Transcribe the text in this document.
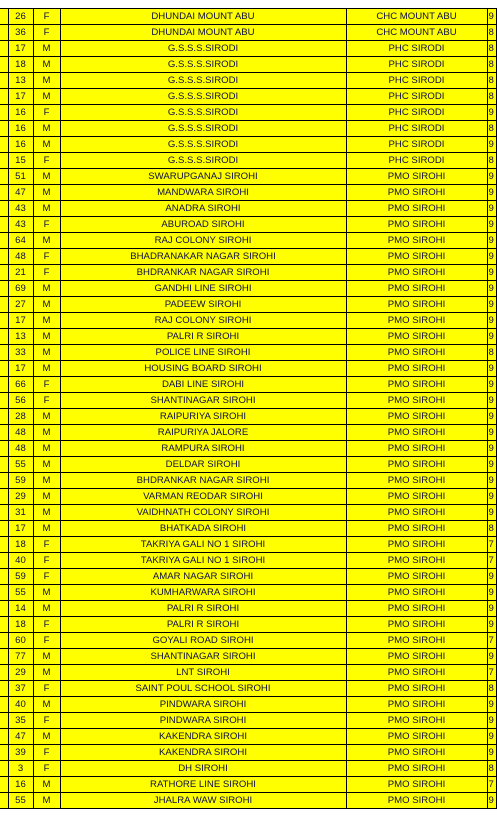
	26	F	DHUNDAI MOUNT ABU	CHC MOUNT ABU	9
	36	F	DHUNDAI MOUNT ABU	CHC MOUNT ABU	8
	17	M	G.S.S.S.SIRODI	PHC SIRODI	8
	18	M	G.S.S.S.SIRODI	PHC SIRODI	8
	13	M	G.S.S.S.SIRODI	PHC SIRODI	8
	17	M	G.S.S.S.SIRODI	PHC SIRODI	8
	16	F	G.S.S.S.SIRODI	PHC SIRODI	9
	16	M	G.S.S.S.SIRODI	PHC SIRODI	8
	16	M	G.S.S.S.SIRODI	PHC SIRODI	9
	15	F	G.S.S.S.SIRODI	PHC SIRODI	8
	51	M	SWARUPGANAJ SIROHI	PMO SIROHI	9
	47	M	MANDWARA SIROHI	PMO SIROHI	9
	43	M	ANADRA SIROHI	PMO SIROHI	9
	43	F	ABUROAD SIROHI	PMO SIROHI	9
	64	M	RAJ COLONY SIROHI	PMO SIROHI	9
	48	F	BHADRANAKAR NAGAR SIROHI	PMO SIROHI	9
	21	F	BHDRANKAR NAGAR SIROHI	PMO SIROHI	9
	69	M	GANDHI LINE SIROHI	PMO SIROHI	9
	27	M	PADEEW SIROHI	PMO SIROHI	9
	17	M	RAJ COLONY SIROHI	PMO SIROHI	9
	13	M	PALRI R SIROHI	PMO SIROHI	9
	33	M	POLICE LINE SIROHI	PMO SIROHI	8
	17	M	HOUSING BOARD SIROHI	PMO SIROHI	9
	66	F	DABI LINE SIROHI	PMO SIROHI	9
	56	F	SHANTINAGAR SIROHI	PMO SIROHI	9
	28	M	RAIPURIYA SIROHI	PMO SIROHI	9
	48	M	RAIPURIYA JALORE	PMO SIROHI	9
	48	M	RAMPURA SIROHI	PMO SIROHI	9
	55	M	DELDAR SIROHI	PMO SIROHI	9
	59	M	BHDRANKAR NAGAR SIROHI	PMO SIROHI	9
	29	M	VARMAN REODAR SIROHI	PMO SIROHI	9
	31	M	VAIDHNATH COLONY SIROHI	PMO SIROHI	9
	17	M	BHATKADA SIROHI	PMO SIROHI	8
	18	F	TAKRIYA GALI NO 1 SIROHI	PMO SIROHI	7
	40	F	TAKRIYA GALI NO 1 SIROHI	PMO SIROHI	7
	59	F	AMAR NAGAR SIROHI	PMO SIROHI	9
	55	M	KUMHARWARA SIROHI	PMO SIROHI	9
	14	M	PALRI R SIROHI	PMO SIROHI	9
	18	F	PALRI R SIROHI	PMO SIROHI	9
	60	F	GOYALI ROAD SIROHI	PMO SIROHI	7
	77	M	SHANTINAGAR SIROHI	PMO SIROHI	9
	29	M	LNT SIROHI	PMO SIROHI	7
	37	F	SAINT POUL SCHOOL SIROHI	PMO SIROHI	8
	40	M	PINDWARA SIROHI	PMO SIROHI	9
	35	F	PINDWARA SIROHI	PMO SIROHI	9
	47	M	KAKENDRA SIROHI	PMO SIROHI	9
	39	F	KAKENDRA SIROHI	PMO SIROHI	9
	3	F	DH SIROHI	PMO SIROHI	8
	16	M	RATHORE LINE SIROHI	PMO SIROHI	7
	55	M	JHALRA WAW SIROHI	PMO SIROHI	9
